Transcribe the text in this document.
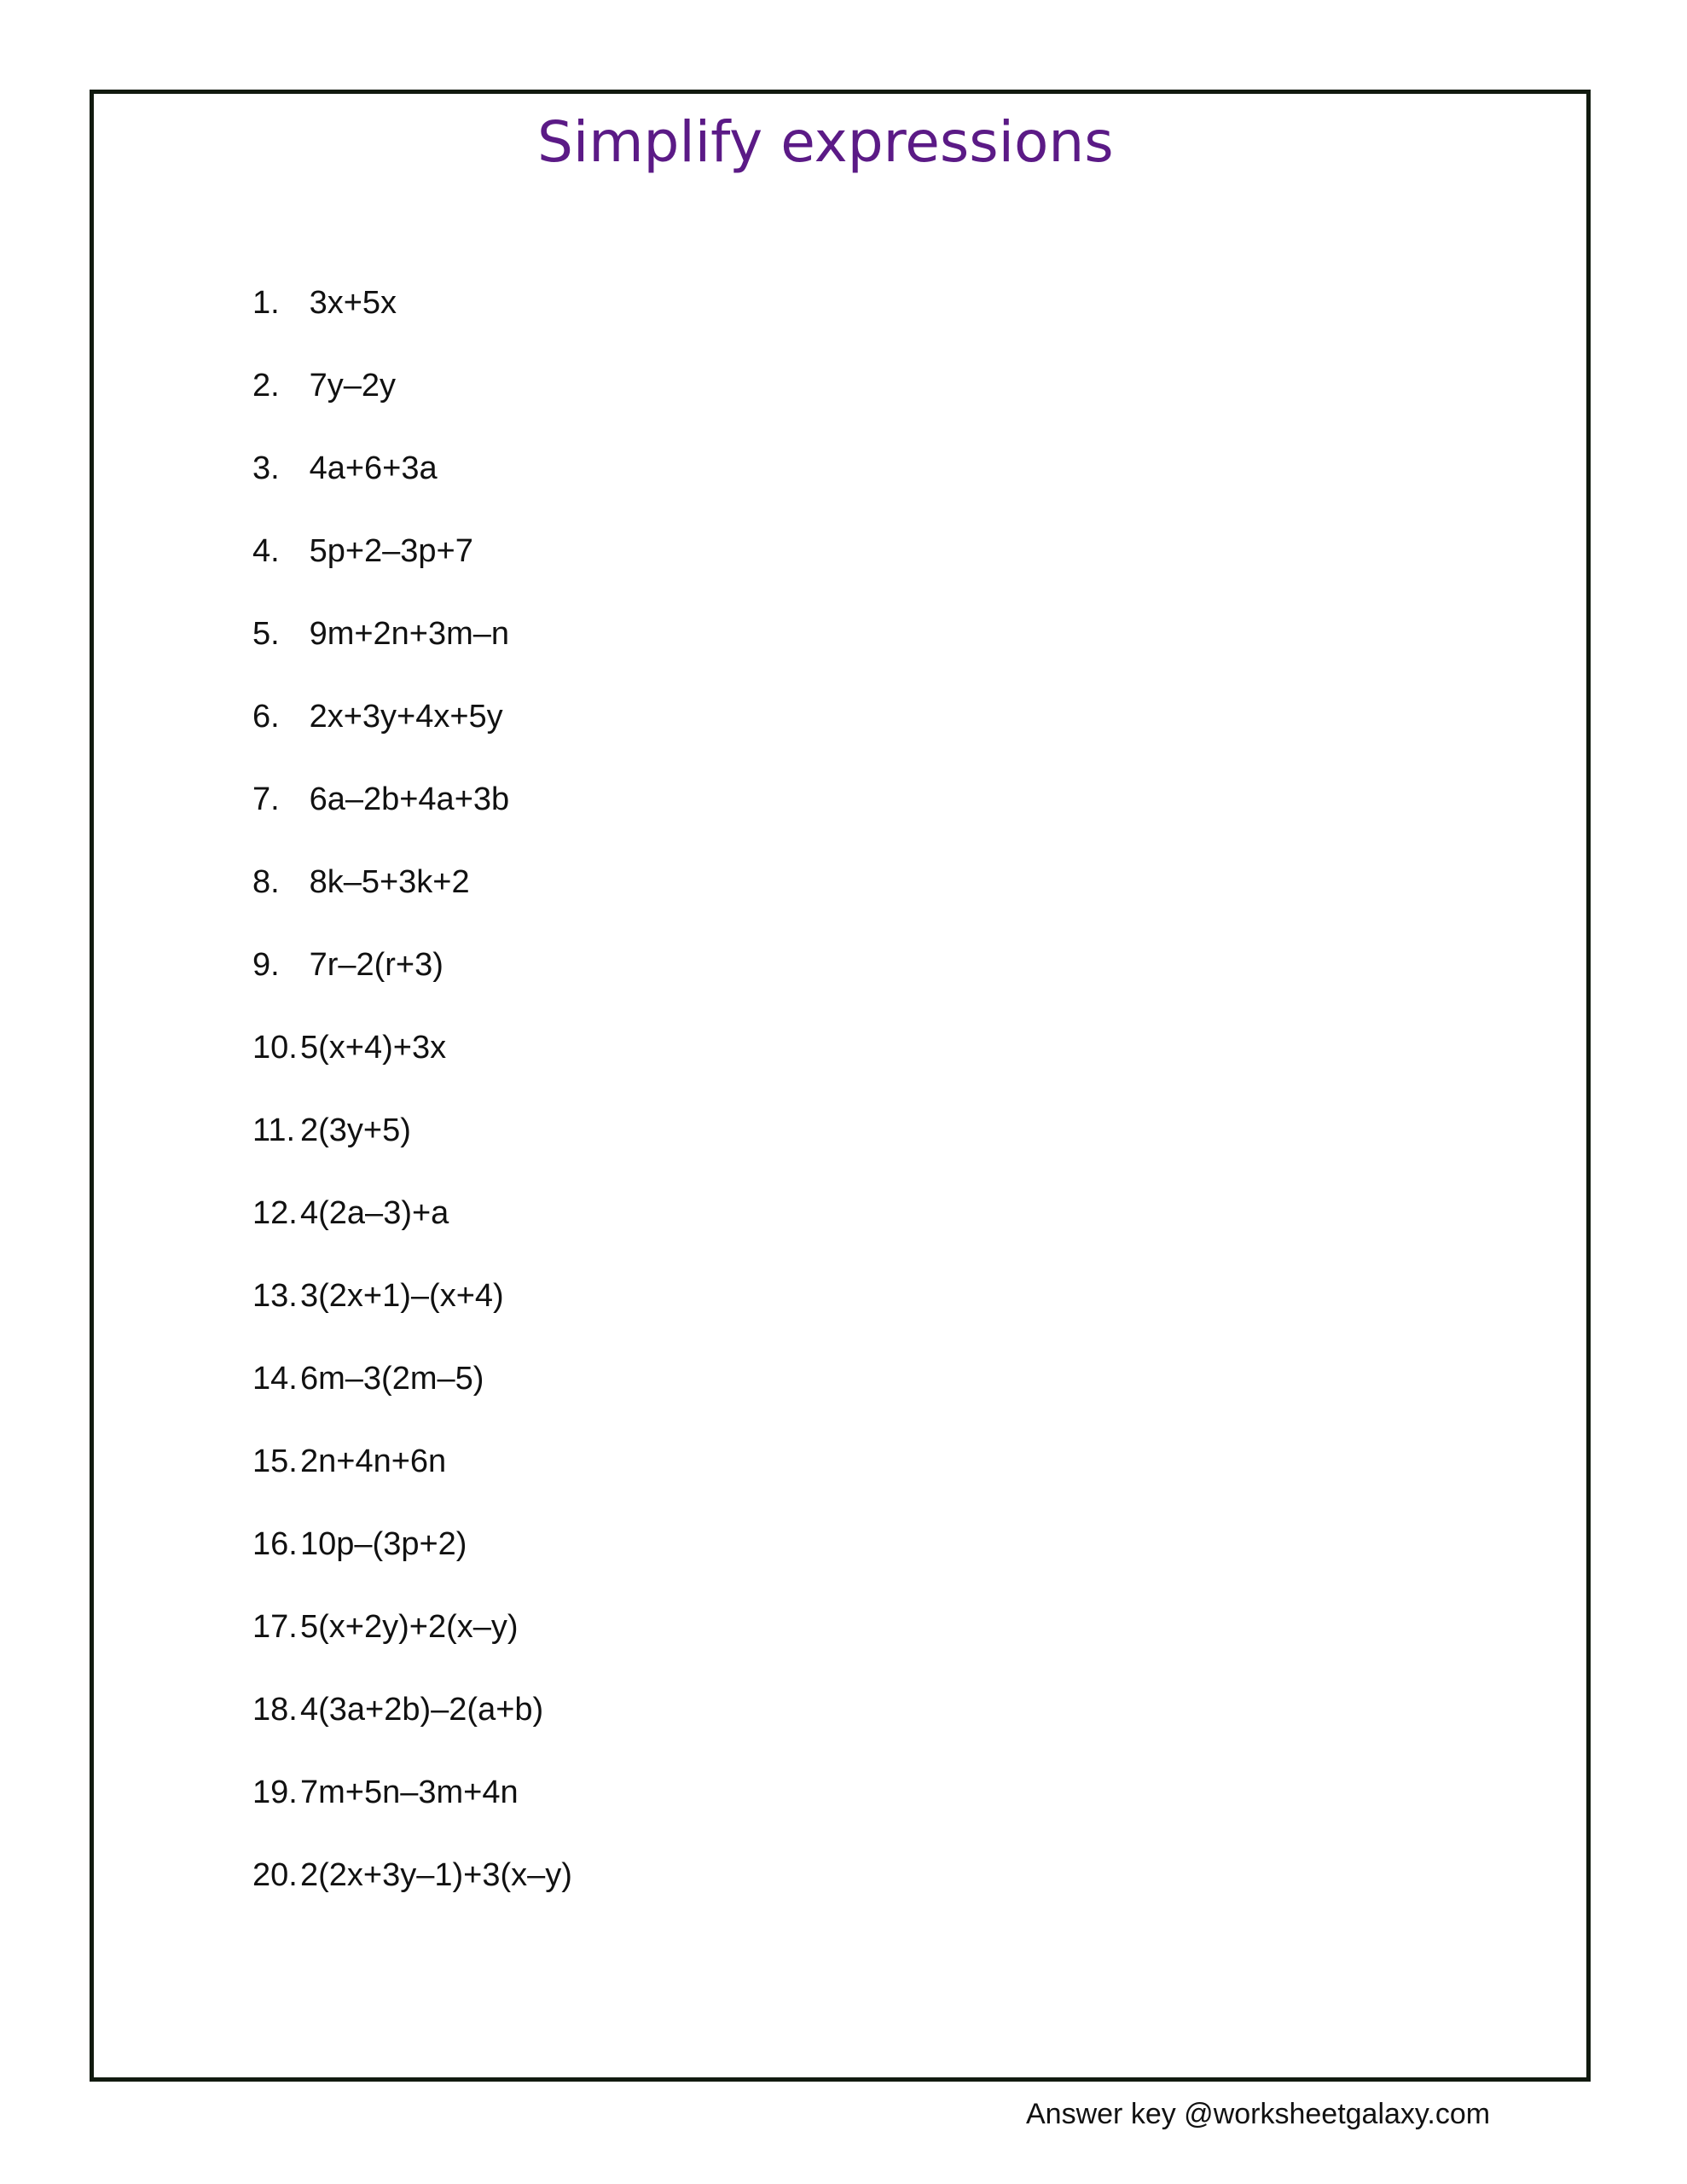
Simplify expressions
1. 3x+5x
2. 7y–2y
3. 4a+6+3a
4. 5p+2–3p+7
5. 9m+2n+3m–n
6. 2x+3y+4x+5y
7. 6a–2b+4a+3b
8. 8k–5+3k+2
9. 7r–2(r+3)
10.5(x+4)+3x
11. 2(3y+5)
12.4(2a–3)+a
13.3(2x+1)–(x+4)
14.6m–3(2m–5)
15.2n+4n+6n
16.10p–(3p+2)
17.5(x+2y)+2(x–y)
18.4(3a+2b)–2(a+b)
19.7m+5n–3m+4n
20.2(2x+3y–1)+3(x–y)
Answer key @worksheetgalaxy.com
